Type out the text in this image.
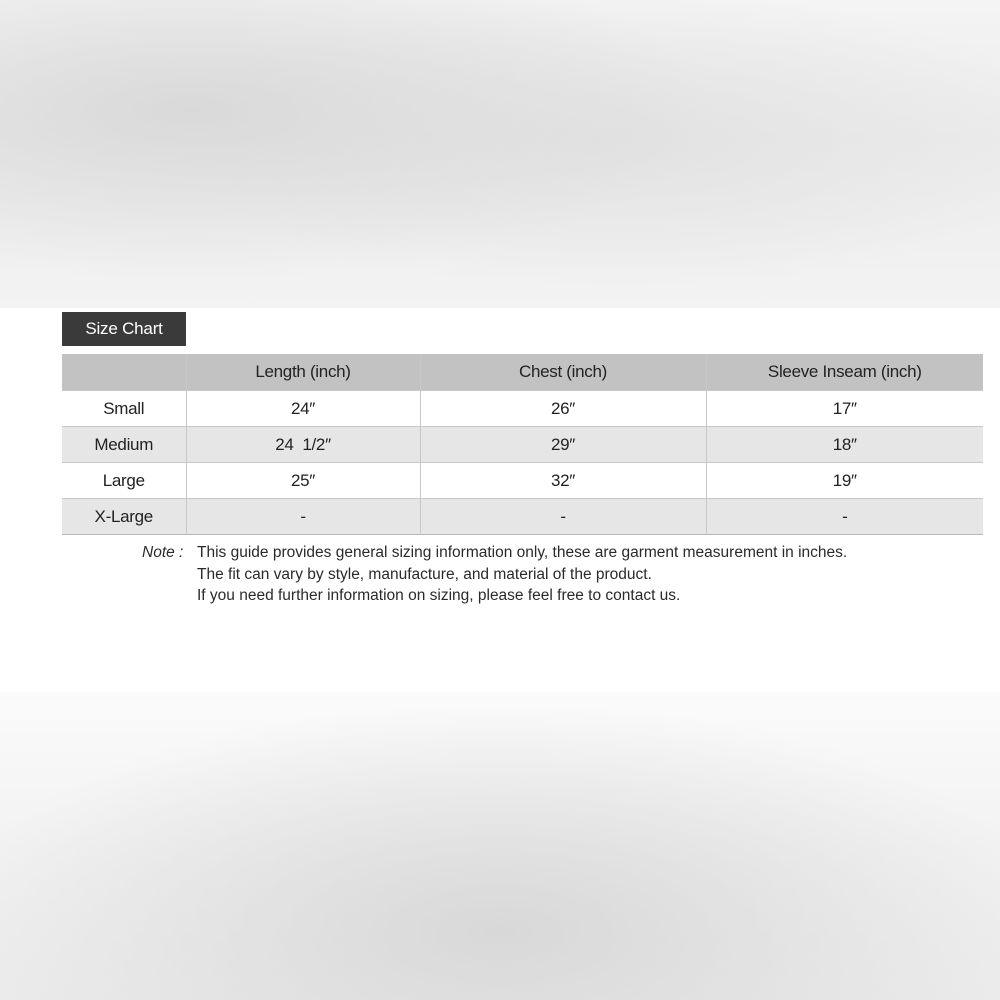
Size Chart
	Length (inch)	Chest (inch)	Sleeve Inseam (inch)
Small	24″	26″	17″
Medium	24  1/2″	29″	18″
Large	25″	32″	19″
X-Large	-	-	-
Note : This guide provides general sizing information only, these are garment measurement in inches.
The fit can vary by style, manufacture, and material of the product.
If you need further information on sizing, please feel free to contact us.
